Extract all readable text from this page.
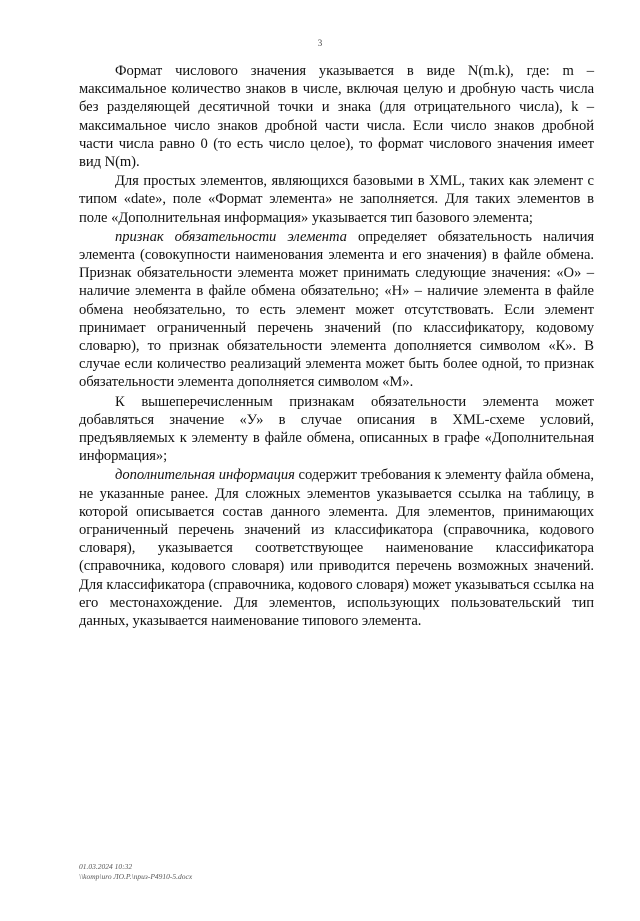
3

Формат числового значения указывается в виде N(m.k), где: m – максимальное количество знаков в числе, включая целую и дробную часть числа без разделяющей десятичной точки и знака (для отрицательного числа), k – максимальное число знаков дробной части числа. Если число знаков дробной части числа равно 0 (то есть число целое), то формат числового значения имеет вид N(m).

Для простых элементов, являющихся базовыми в XML, таких как элемент с типом «date», поле «Формат элемента» не заполняется. Для таких элементов в поле «Дополнительная информация» указывается тип базового элемента;

признак обязательности элемента определяет обязательность наличия элемента (совокупности наименования элемента и его значения) в файле обмена. Признак обязательности элемента может принимать следующие значения: «О» – наличие элемента в файле обмена обязательно; «Н» – наличие элемента в файле обмена необязательно, то есть элемент может отсутствовать. Если элемент принимает ограниченный перечень значений (по классификатору, кодовому словарю), то признак обязательности элемента дополняется символом «К». В случае если количество реализаций элемента может быть более одной, то признак обязательности элемента дополняется символом «М».

К вышеперечисленным признакам обязательности элемента может добавляться значение «У» в случае описания в XML-схеме условий, предъявляемых к элементу в файле обмена, описанных в графе «Дополнительная информация»;

дополнительная информация содержит требования к элементу файла обмена, не указанные ранее. Для сложных элементов указывается ссылка на таблицу, в которой описывается состав данного элемента. Для элементов, принимающих ограниченный перечень значений из классификатора (справочника, кодового словаря), указывается соответствующее наименование классификатора (справочника, кодового словаря) или приводится перечень возможных значений. Для классификатора (справочника, кодового словаря) может указываться ссылка на его местонахождение. Для элементов, использующих пользовательский тип данных, указывается наименование типового элемента.

01.03.2024 10:32
\\komp\uro ЛО.Р.\приз-Р4910-5.docx
